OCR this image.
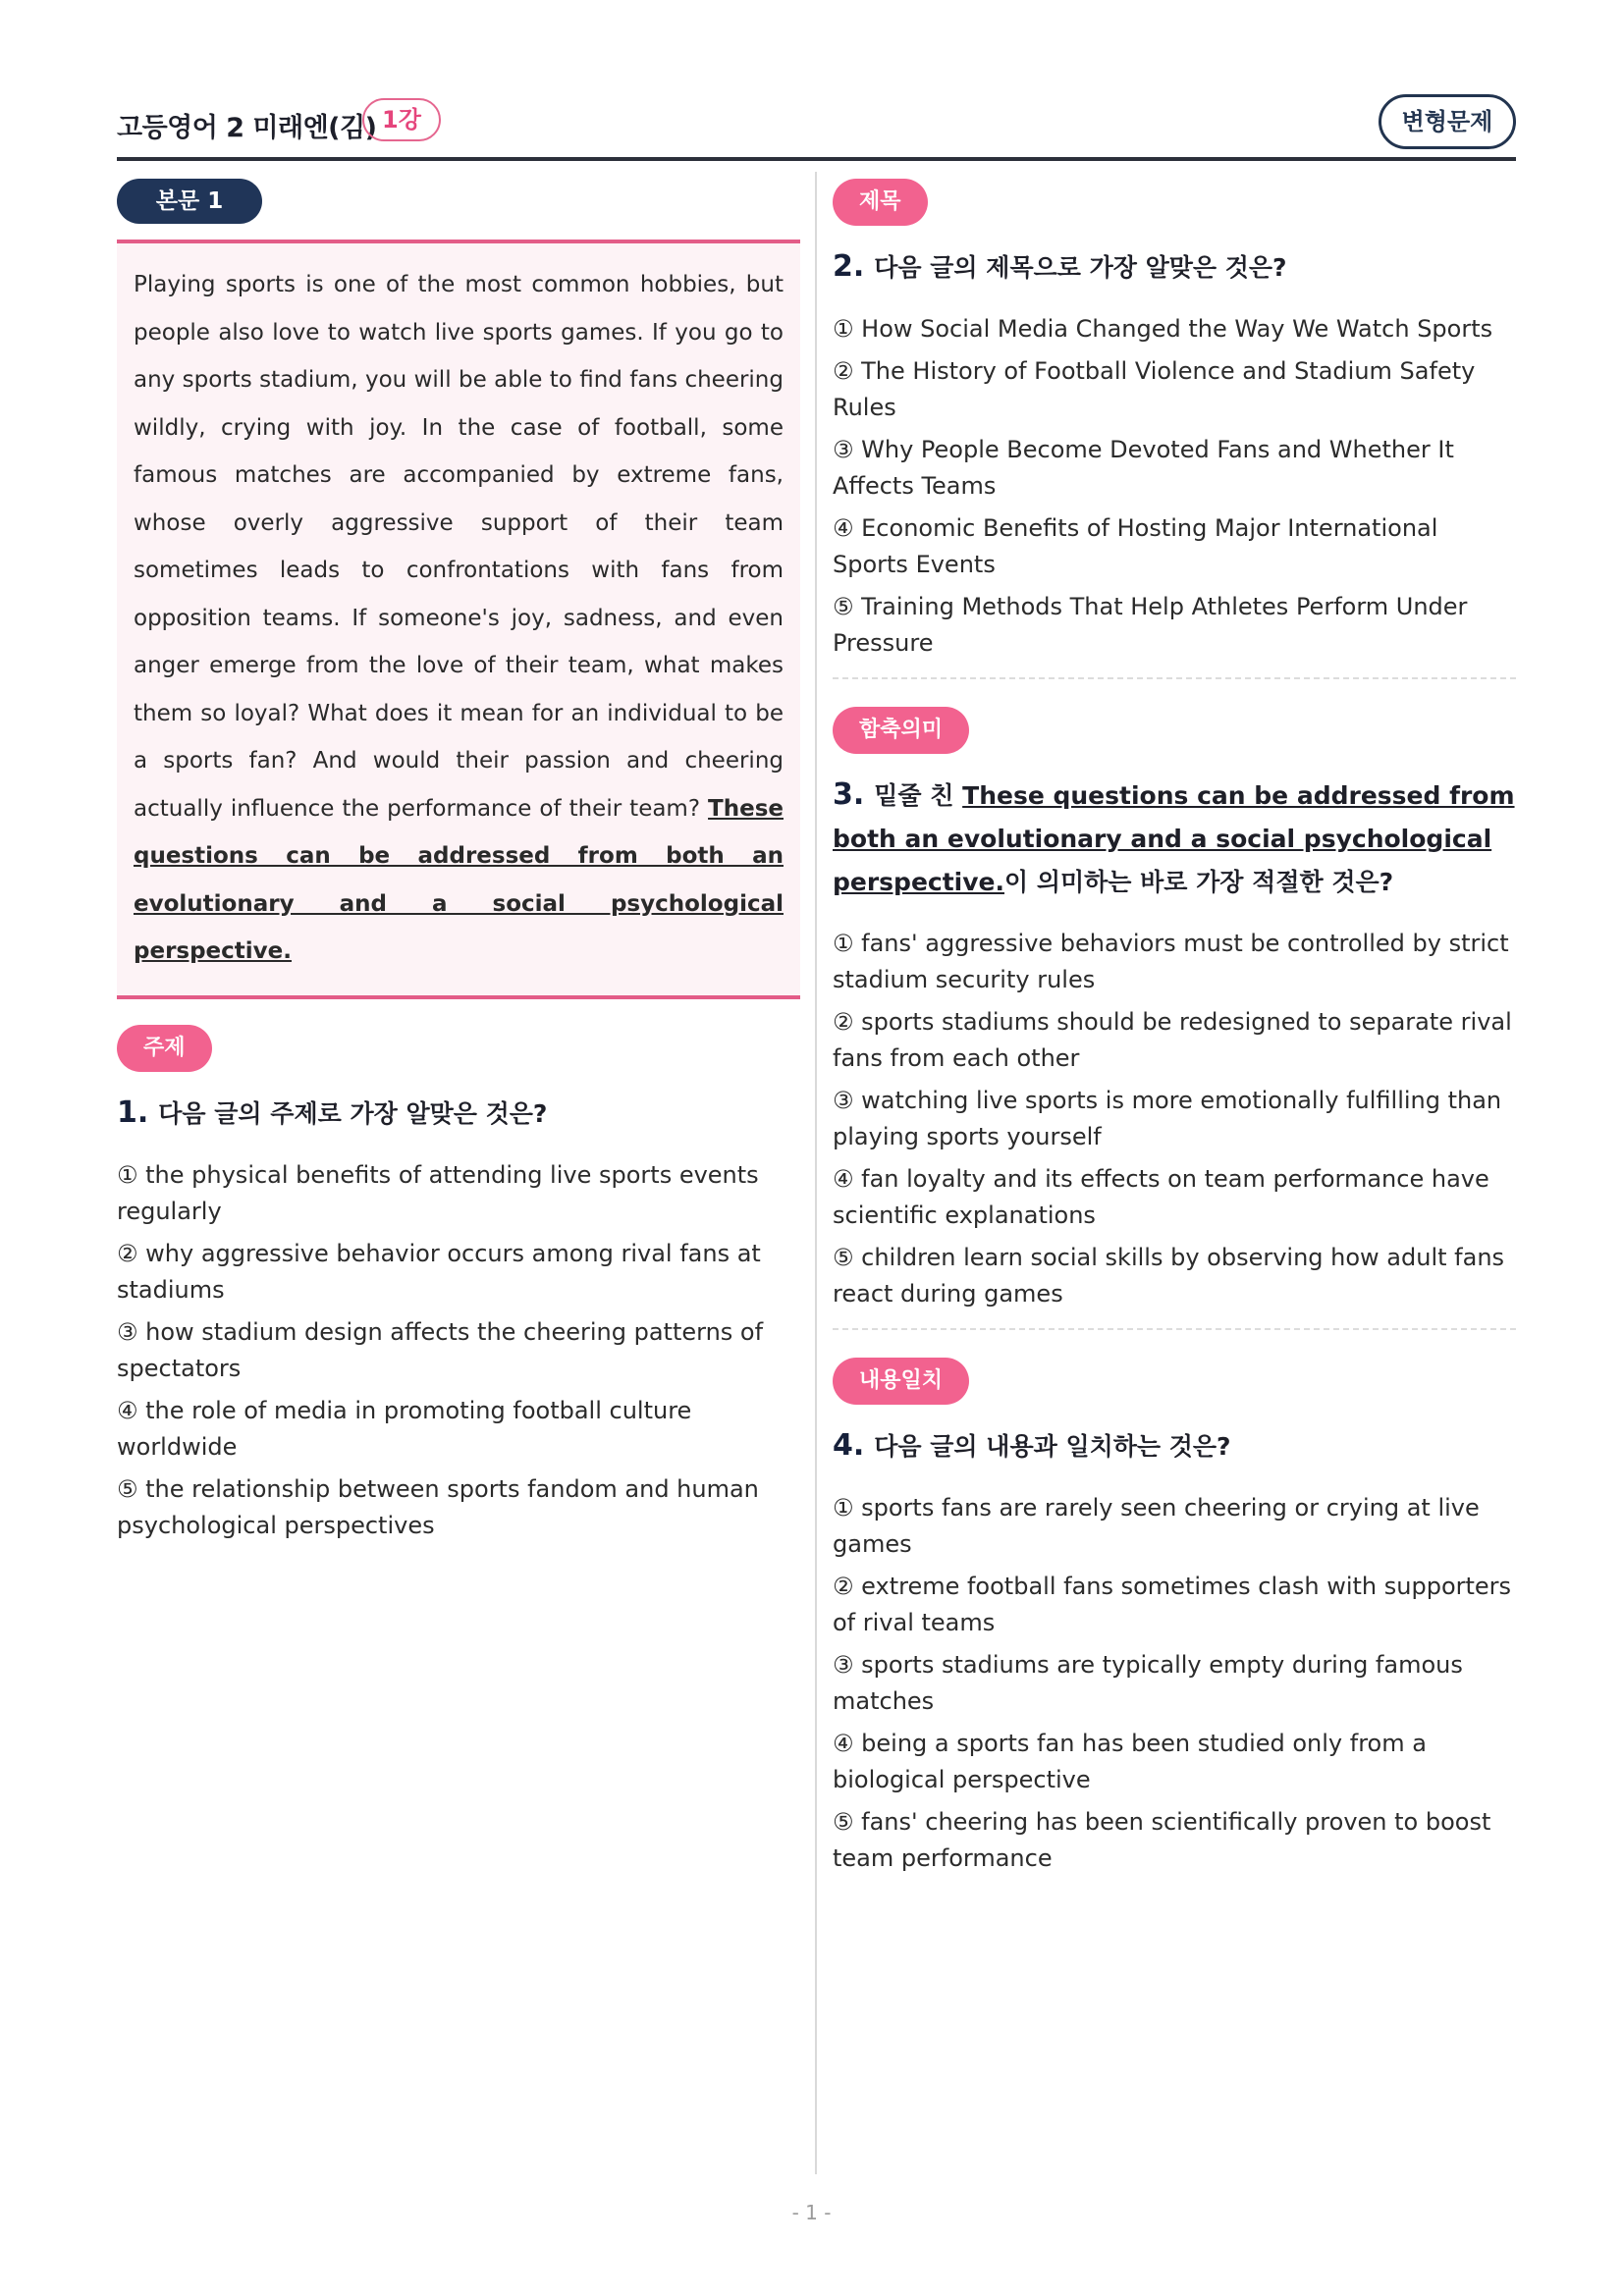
고등영어 2 미래엔(김) 1강	변형문제
본문 1

Playing sports is one of the most common hobbies, but people also love to watch live sports games. If you go to any sports stadium, you will be able to find fans cheering wildly, crying with joy. In the case of football, some famous matches are accompanied by extreme fans, whose overly aggressive support of their team sometimes leads to confrontations with fans from opposition teams. If someone's joy, sadness, and even anger emerge from the love of their team, what makes them so loyal? What does it mean for an individual to be a sports fan? And would their passion and cheering actually influence the performance of their team? These questions can be addressed from both an evolutionary and a social psychological perspective.

주제
1. 다음 글의 주제로 가장 알맞은 것은?
① the physical benefits of attending live sports events regularly
② why aggressive behavior occurs among rival fans at stadiums
③ how stadium design affects the cheering patterns of spectators
④ the role of media in promoting football culture worldwide
⑤ the relationship between sports fandom and human psychological perspectives
제목
2. 다음 글의 제목으로 가장 알맞은 것은?
① How Social Media Changed the Way We Watch Sports
② The History of Football Violence and Stadium Safety Rules
③ Why People Become Devoted Fans and Whether It Affects Teams
④ Economic Benefits of Hosting Major International Sports Events
⑤ Training Methods That Help Athletes Perform Under Pressure
함축의미
3. 밑줄 친 These questions can be addressed from both an evolutionary and a social psychological perspective.이 의미하는 바로 가장 적절한 것은?
① fans' aggressive behaviors must be controlled by strict stadium security rules
② sports stadiums should be redesigned to separate rival fans from each other
③ watching live sports is more emotionally fulfilling than playing sports yourself
④ fan loyalty and its effects on team performance have scientific explanations
⑤ children learn social skills by observing how adult fans react during games
내용일치
4. 다음 글의 내용과 일치하는 것은?
① sports fans are rarely seen cheering or crying at live games
② extreme football fans sometimes clash with supporters of rival teams
③ sports stadiums are typically empty during famous matches
④ being a sports fan has been studied only from a biological perspective
⑤ fans' cheering has been scientifically proven to boost team performance
- 1 -
